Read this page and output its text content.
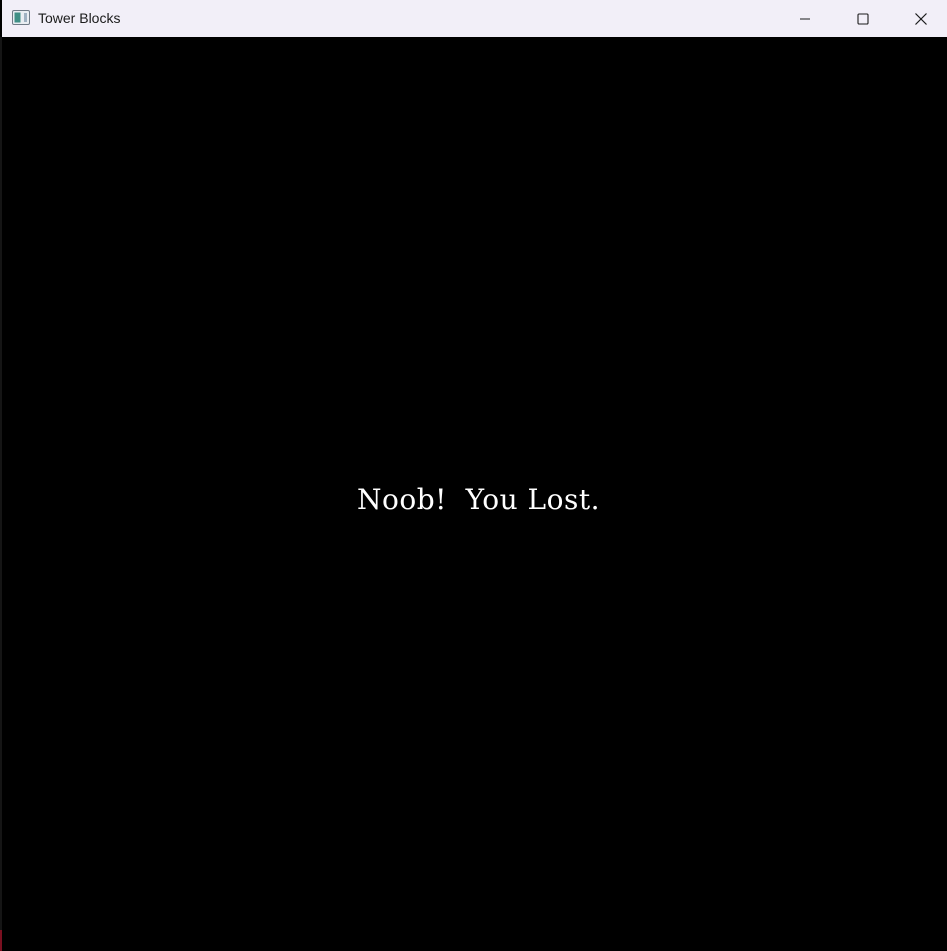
Tower Blocks
Noob!  You Lost.
